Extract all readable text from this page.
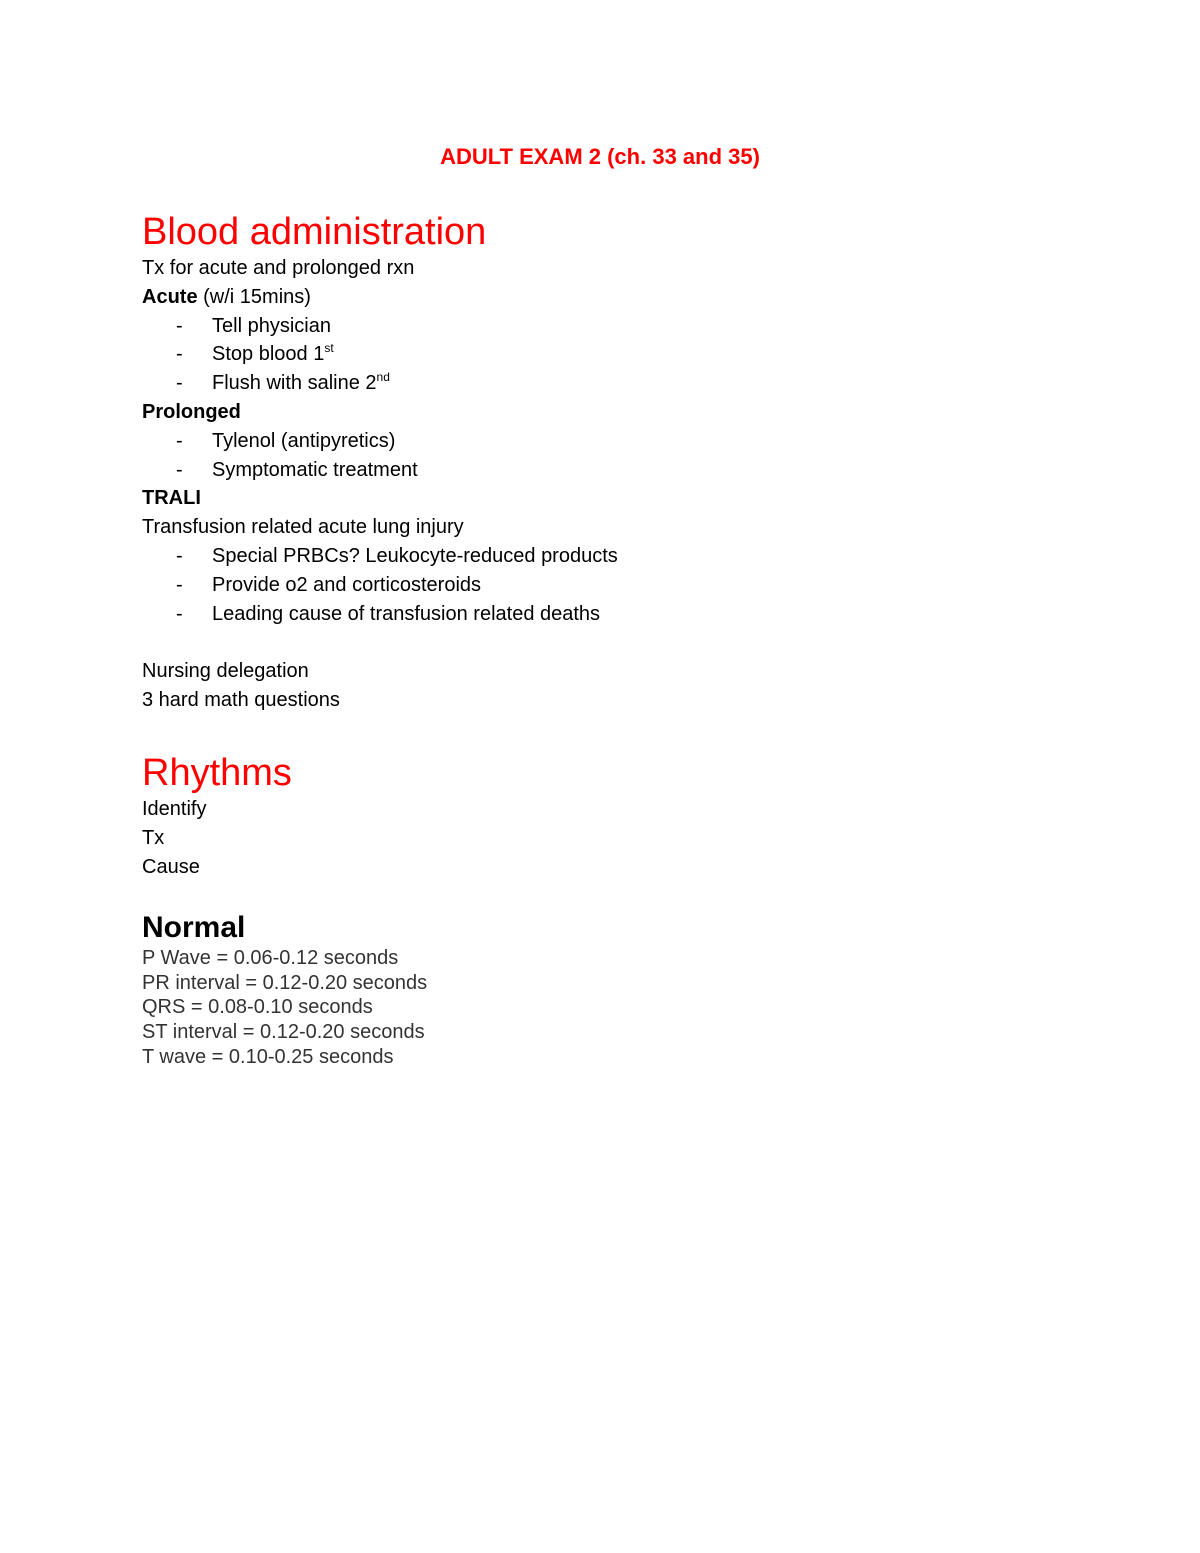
ADULT EXAM 2 (ch. 33 and 35)
Blood administration
Tx for acute and prolonged rxn
Acute (w/i 15mins)
-	Tell physician
-	Stop blood 1st
-	Flush with saline 2nd
Prolonged
-	Tylenol (antipyretics)
-	Symptomatic treatment
TRALI
Transfusion related acute lung injury
-	Special PRBCs? Leukocyte-reduced products
-	Provide o2 and corticosteroids
-	Leading cause of transfusion related deaths
Nursing delegation
3 hard math questions
Rhythms
Identify
Tx
Cause
Normal
P Wave = 0.06-0.12 seconds
PR interval = 0.12-0.20 seconds
QRS = 0.08-0.10 seconds
ST interval = 0.12-0.20 seconds
T wave = 0.10-0.25 seconds
